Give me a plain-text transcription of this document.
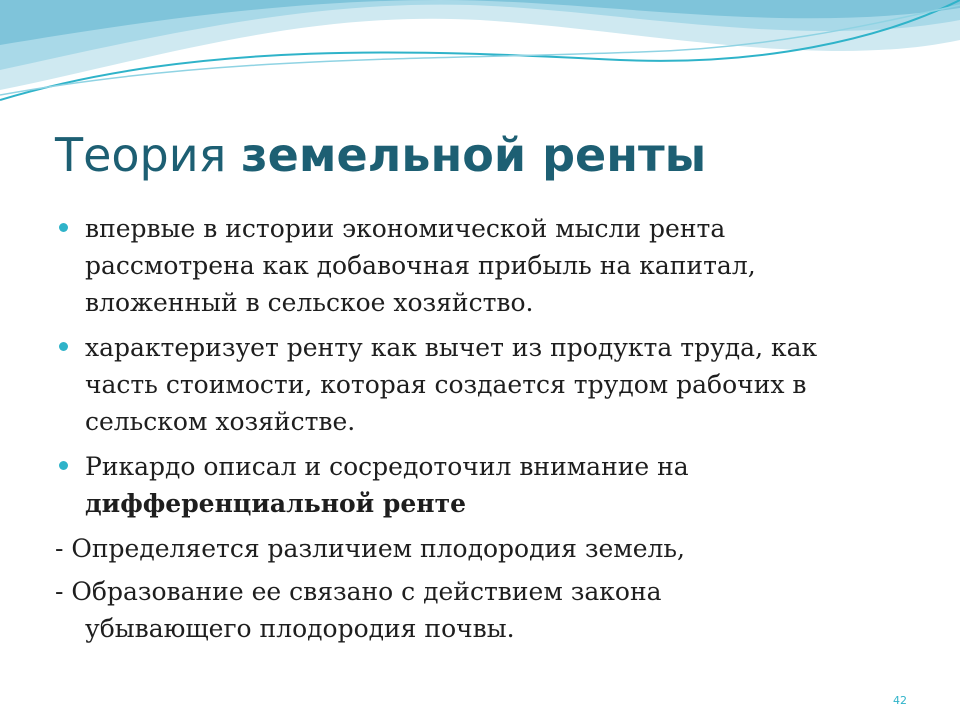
Теория земельной ренты
впервые в истории экономической мысли рента рассмотрена как добавочная прибыль на капитал, вложенный в сельское хозяйство.
характеризует ренту как вычет из продукта труда, как часть стоимости, которая создается трудом рабочих в сельском хозяйстве.
Рикардо описал и сосредоточил внимание на
дифференциальной ренте
- Определяется различием плодородия земель,
- Образование ее связано с действием закона
убывающего плодородия почвы.
42
